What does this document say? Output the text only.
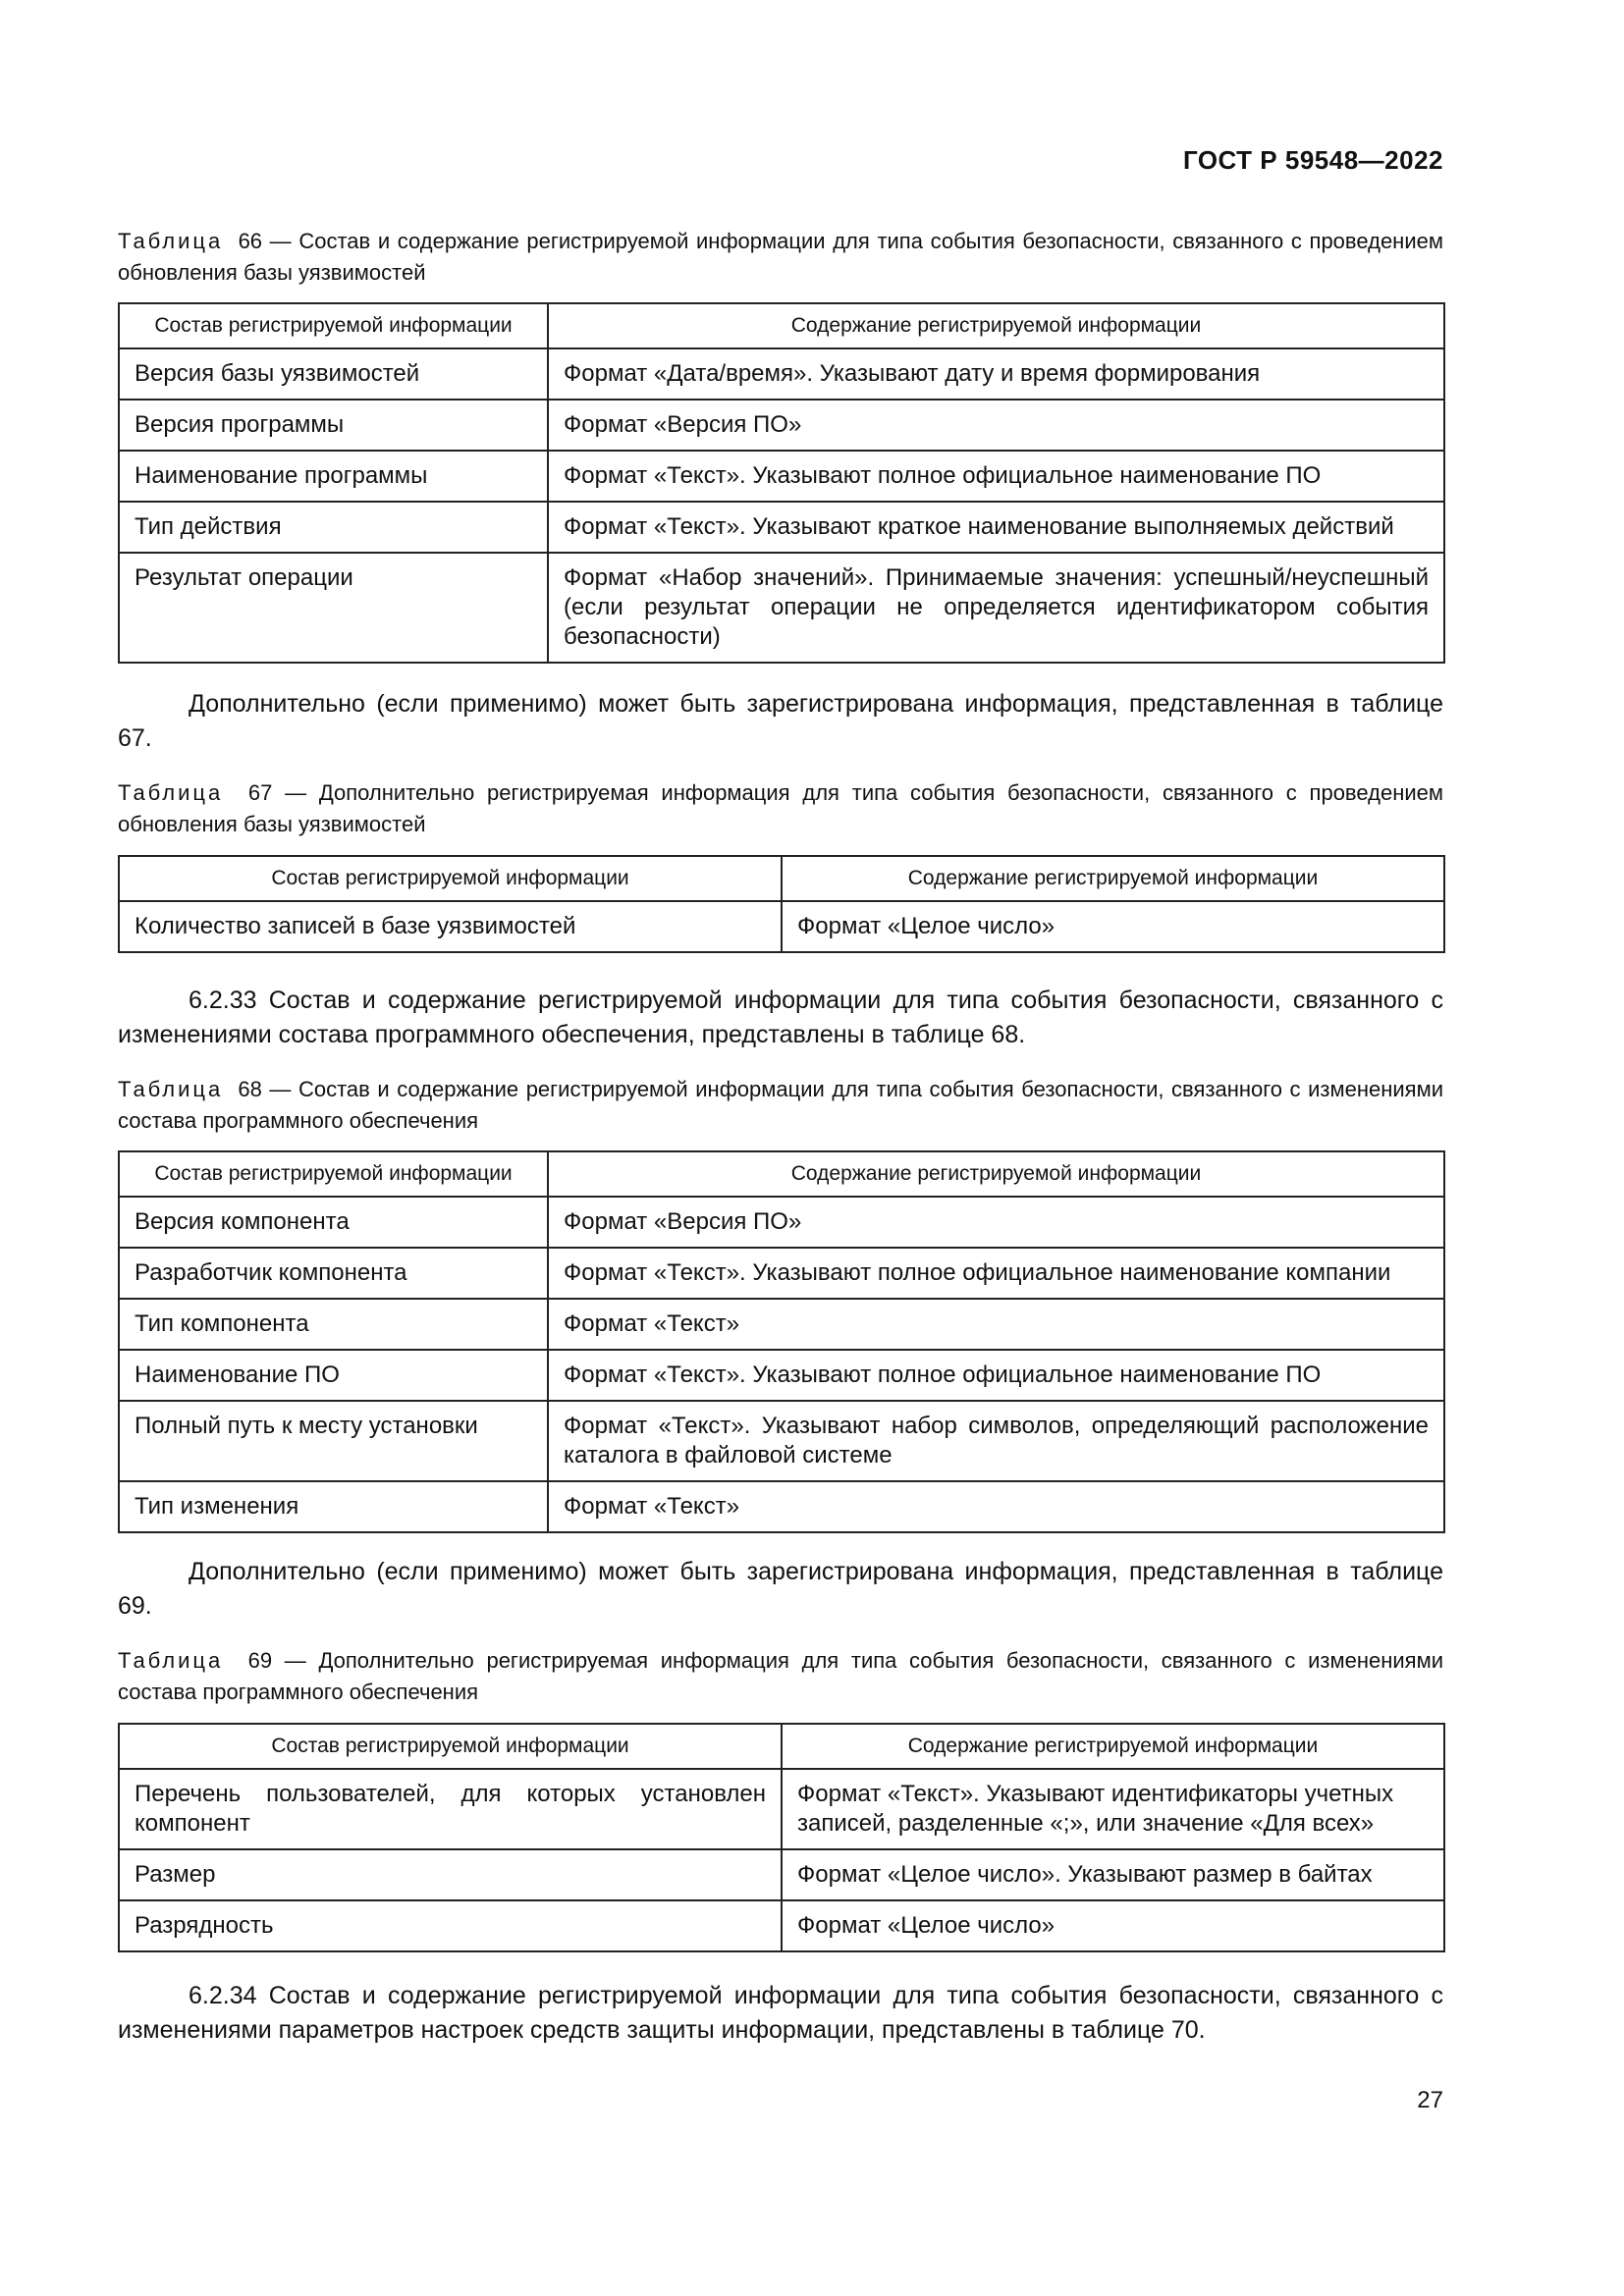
ГОСТ Р 59548—2022
Таблица 66 — Состав и содержание регистрируемой информации для типа события безопасности, связанного с проведением обновления базы уязвимостей
Состав регистрируемой информации	Содержание регистрируемой информации
Версия базы уязвимостей	Формат «Дата/время». Указывают дату и время формирования
Версия программы	Формат «Версия ПО»
Наименование программы	Формат «Текст». Указывают полное официальное наименование ПО
Тип действия	Формат «Текст». Указывают краткое наименование выполняемых действий
Результат операции	Формат «Набор значений». Принимаемые значения: успешный/неуспешный (если результат операции не определяется идентификатором события безопасности)
Дополнительно (если применимо) может быть зарегистрирована информация, представленная в таблице 67.
Таблица 67 — Дополнительно регистрируемая информация для типа события безопасности, связанного с проведением обновления базы уязвимостей
Состав регистрируемой информации	Содержание регистрируемой информации
Количество записей в базе уязвимостей	Формат «Целое число»
6.2.33 Состав и содержание регистрируемой информации для типа события безопасности, связанного с изменениями состава программного обеспечения, представлены в таблице 68.
Таблица 68 — Состав и содержание регистрируемой информации для типа события безопасности, связанного с изменениями состава программного обеспечения
Состав регистрируемой информации	Содержание регистрируемой информации
Версия компонента	Формат «Версия ПО»
Разработчик компонента	Формат «Текст». Указывают полное официальное наименование компании
Тип компонента	Формат «Текст»
Наименование ПО	Формат «Текст». Указывают полное официальное наименование ПО
Полный путь к месту установки	Формат «Текст». Указывают набор символов, определяющий расположение каталога в файловой системе
Тип изменения	Формат «Текст»
Дополнительно (если применимо) может быть зарегистрирована информация, представленная в таблице 69.
Таблица 69 — Дополнительно регистрируемая информация для типа события безопасности, связанного с изменениями состава программного обеспечения
Состав регистрируемой информации	Содержание регистрируемой информации
Перечень пользователей, для которых установлен компонент	Формат «Текст». Указывают идентификаторы учетных записей, разделенные «;», или значение «Для всех»
Размер	Формат «Целое число». Указывают размер в байтах
Разрядность	Формат «Целое число»
6.2.34 Состав и содержание регистрируемой информации для типа события безопасности, связанного с изменениями параметров настроек средств защиты информации, представлены в таблице 70.
27
